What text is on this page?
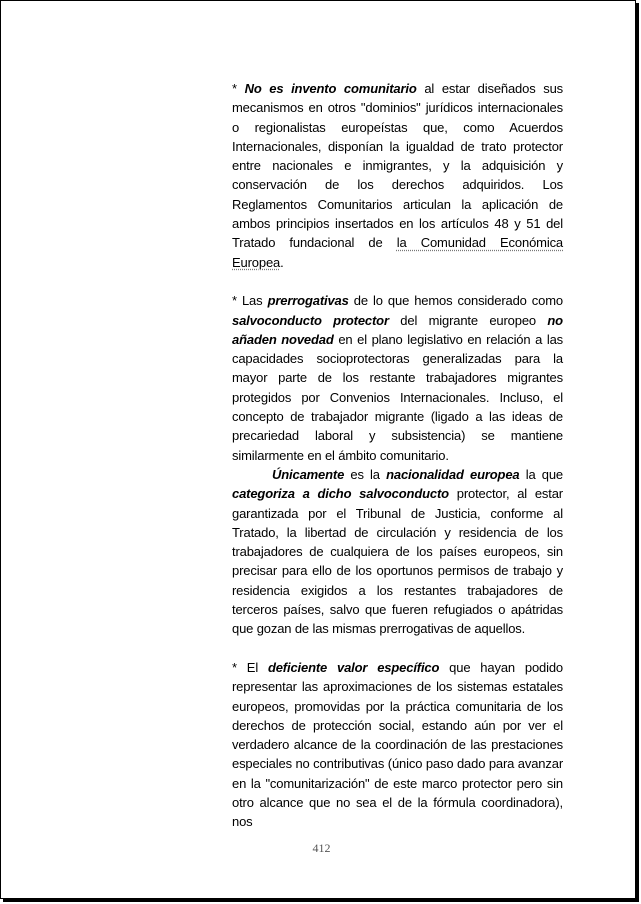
* No es invento comunitario al estar diseñados sus mecanismos en otros "dominios" jurídicos internacionales o regionalistas europeístas que, como Acuerdos Internacionales, disponían la igualdad de trato protector entre nacionales e inmigrantes, y la adquisición y conservación de los derechos adquiridos. Los Reglamentos Comunitarios articulan la aplicación de ambos principios insertados en los artículos 48 y 51 del Tratado fundacional de la Comunidad Económica Europea.

* Las prerrogativas de lo que hemos considerado como salvoconducto protector del migrante europeo no añaden novedad en el plano legislativo en relación a las capacidades socioprotectoras generalizadas para la mayor parte de los restante trabajadores migrantes protegidos por Convenios Internacionales. Incluso, el concepto de trabajador migrante (ligado a las ideas de precariedad laboral y subsistencia) se mantiene similarmente en el ámbito comunitario.

Únicamente es la nacionalidad europea la que categoriza a dicho salvoconducto protector, al estar garantizada por el Tribunal de Justicia, conforme al Tratado, la libertad de circulación y residencia de los trabajadores de cualquiera de los países europeos, sin precisar para ello de los oportunos permisos de trabajo y residencia exigidos a los restantes trabajadores de terceros países, salvo que fueren refugiados o apátridas que gozan de las mismas prerrogativas de aquellos.

* El deficiente valor específico que hayan podido representar las aproximaciones de los sistemas estatales europeos, promovidas por la práctica comunitaria de los derechos de protección social, estando aún por ver el verdadero alcance de la coordinación de las prestaciones especiales no contributivas (único paso dado para avanzar en la "comunitarización" de este marco protector pero sin otro alcance que no sea el de la fórmula coordinadora), nos

412
